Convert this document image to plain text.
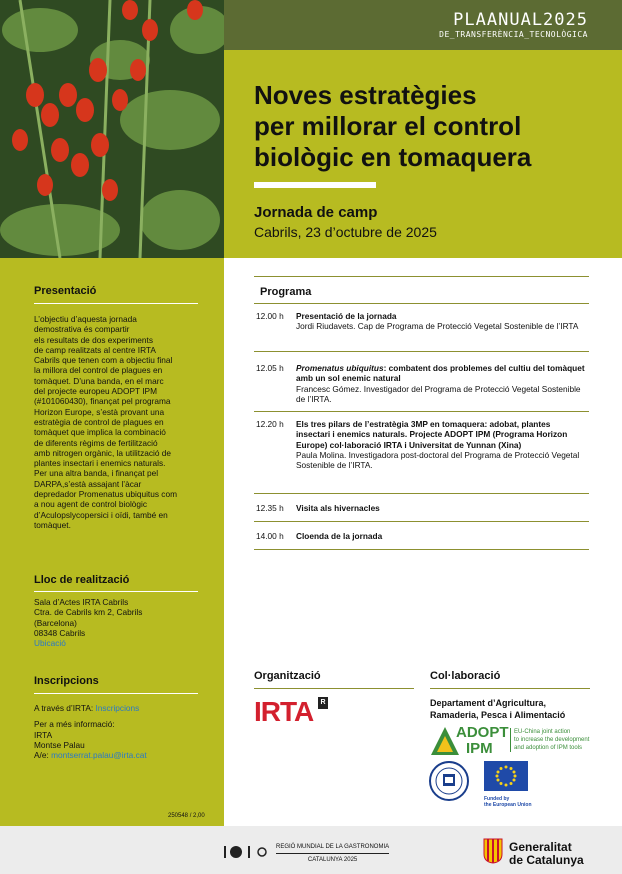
PLAANUAL2025
DE_TRANSFERÈNCIA_TECNOLÒGICA
Noves estratègies
per millorar el control
biològic en tomaquera
Jornada de camp
Cabrils, 23 d’octubre de 2025
Presentació

L’objectiu d’aquesta jornada

demostrativa és compartir

els resultats de dos experiments

de camp realitzats al centre IRTA

Cabrils que tenen com a objectiu final

la millora del control de plagues en

tomàquet. D’una banda, en el marc

del projecte europeu ADOPT IPM

(#101060430), finançat pel programa

Horizon Europe, s’està provant una

estratègia de control de plagues en

tomàquet que implica la combinació

de diferents règims de fertilització

amb nitrogen orgànic, la utilització de

plantes insectari i enemics naturals.

Per una altra banda, i finançat pel

DARPA,s’està assajant l’àcar

depredador Promenatus ubiquitus com

a nou agent de control biològic

d’Aculopslycopersici i oïdi, també en

tomàquet.

Lloc de realització

Sala d’Actes IRTA Cabrils

Ctra. de Cabrils km 2, Cabrils

(Barcelona)

08348 Cabrils

Ubicació

Inscripcions

A través d’IRTA: Inscripcions

Per a més informació:

IRTA

Montse Palau

A/e: montserrat.palau@irta.cat

250548 / 2,00
Programa
12.00 h Presentació de la jornada
Jordi Riudavets. Cap de Programa de Protecció Vegetal Sostenible de l’IRTA
12.05 h Promenatus ubiquitus: combatent dos problemes del cultiu del tomàquet amb un sol enemic natural
Francesc Gómez. Investigador del Programa de Protecció Vegetal Sostenible de l’IRTA.
12.20 h Els tres pilars de l’estratègia 3MP en tomaquera: adobat, plantes insectari i enemics naturals. Projecte ADOPT IPM (Programa Horizon Europe) col·laboració IRTA i Universitat de Yunnan (Xina)
Paula Molina. Investigadora post-doctoral del Programa de Protecció Vegetal Sostenible de l’IRTA.
12.35 h Visita als hivernacles
14.00 h Cloenda de la jornada
Organització
IRTA	R
Col·laboració
Departament d’Agricultura,
Ramaderia, Pesca i Alimentació
ADOPT
IPM
EU-China joint action
to increase the development
and adoption of IPM tools
Funded by
the European Union
REGIÓ MUNDIAL DE LA GASTRONOMIA
CATALUNYA 2025
Generalitat
de Catalunya
